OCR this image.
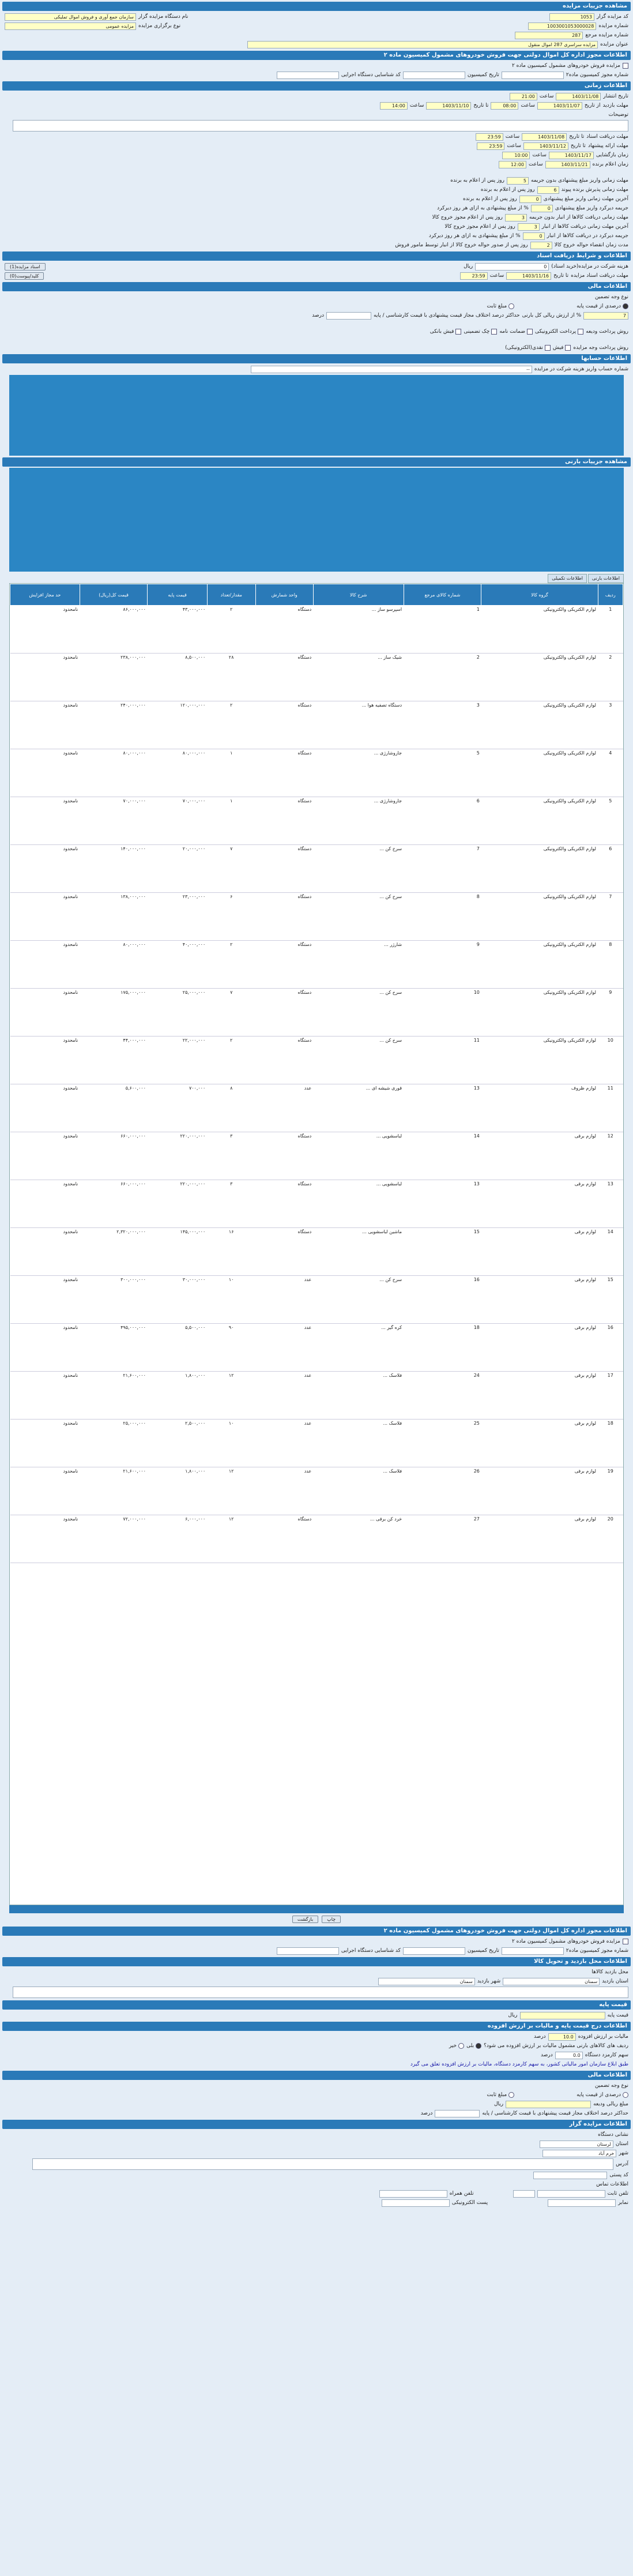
مشاهده جزییات مزایده
کد مزایده گزار
1053
نام دستگاه مزایده گزار
سازمان جمع آوری و فروش اموال تملیکی
شماره مزایده
1003001053000028
نوع برگزاری مزایده
مزایده عمومی
شماره مزایده مرجع
287
عنوان مزایده
مزایده سراسری 287 اموال منقول
اطلاعات مجوز اداره کل اموال دولتی جهت فروش خودروهای مشمول کمیسیون ماده ۲
مزایده فروش خودروهای مشمول کمیسیون ماده ۲
شماره مجوز کمیسیون ماده۲
تاریخ کمیسیون
کد شناسایی دستگاه اجرایی
اطلاعات زمانی
تاریخ انتشار
1403/11/08
ساعت
21:00
مهلت بازدید
از تاریخ
1403/11/07
ساعت
08:00
تا تاریخ
1403/11/10
ساعت
14:00
توضیحات
مهلت دریافت اسناد
تا تاریخ
1403/11/08
ساعت
23:59
مهلت ارائه پیشنهاد
تا تاریخ
1403/11/12
ساعت
23:59
زمان بازگشایی
1403/11/17
ساعت
10:00
زمان اعلام برنده
1403/11/21
ساعت
12:00
مهلت زمانی واریز مبلغ پیشنهادی بدون جریمه
5
روز پس از اعلام به برنده
مهلت زمانی پذیرش برنده پیوند
6
روز پس از اعلام به برنده
آخرین مهلت زمانی واریز مبلغ پیشنهادی
0
روز پس از اعلام به برنده
جریمه دیرکرد واریز مبلغ پیشنهادی
0
% از مبلغ پیشنهادی به ازای هر روز دیرکرد
مهلت زمانی دریافت کالاها از انبار بدون جریمه
3
روز پس از اعلام مجوز خروج کالا
آخرین مهلت زمانی دریافت کالاها از انبار
3
روز پس از اعلام مجوز خروج کالا
جریمه دیرکرد در دریافت کالاها از انبار
0
% از مبلغ پیشنهادی به ازای هر روز دیرکرد
مدت زمان انقضاء حواله خروج کالا
2
روز پس از صدور حواله خروج کالا از انبار توسط مامور فروش
اطلاعات و شرایط دریافت اسناد
هزینه شرکت در مزایده(خرید اسناد)
0
ریال
اسناد مزایده(1)
مهلت دریافت اسناد مزایده
تا تاریخ
1403/11/16
ساعت
23:59
کلید/پیوست(0)
اطلاعات مالی
نوع وجه تضمین
درصدی از قیمت پایه
مبلغ ثابت
7
% از ارزش ریالی کل بارنی
حداکثر درصد اختلاف مجاز قیمت پیشنهادی با قیمت کارشناسی / پایه
درصد
روش پرداخت ودیعه
پرداخت الکترونیکی
ضمانت نامه
چک تضمینی
فیش بانکی
روش پرداخت وجه مزایده
فیش
نقدی(الکترونیکی)
اطلاعات حسابها
شماره حساب واریز هزینه شرکت در مزایده
--
مشاهده جزییات بارنی
اطلاعات بارنی
اطلاعات تکمیلی
ردیف	گروه کالا	شماره کالای مرجع	شرح کالا	واحد شمارش	مقدار/تعداد	قیمت پایه	قیمت کل(ریال)	حد مجاز افزایش
1	لوازم الکتریکی والکترونیکی	1	اسپرسو ساز ...	دستگاه	۲	۴۳,۰۰۰,۰۰۰	۸۶,۰۰۰,۰۰۰	نامحدود
2	لوازم الکتریکی والکترونیکی	2	شیک ساز ...	دستگاه	۲۸	۸,۵۰۰,۰۰۰	۲۳۸,۰۰۰,۰۰۰	نامحدود
3	لوازم الکتریکی والکترونیکی	3	دستگاه تصفیه هوا ...	دستگاه	۲	۱۲۰,۰۰۰,۰۰۰	۲۴۰,۰۰۰,۰۰۰	نامحدود
4	لوازم الکتریکی والکترونیکی	5	جاروشارژی ...	دستگاه	۱	۸۰,۰۰۰,۰۰۰	۸۰,۰۰۰,۰۰۰	نامحدود
5	لوازم الکتریکی والکترونیکی	6	جاروشارژی ...	دستگاه	۱	۷۰,۰۰۰,۰۰۰	۷۰,۰۰۰,۰۰۰	نامحدود
6	لوازم الکتریکی والکترونیکی	7	سرخ کن ...	دستگاه	۷	۲۰,۰۰۰,۰۰۰	۱۴۰,۰۰۰,۰۰۰	نامحدود
7	لوازم الکتریکی والکترونیکی	8	سرخ کن ...	دستگاه	۶	۲۳,۰۰۰,۰۰۰	۱۳۸,۰۰۰,۰۰۰	نامحدود
8	لوازم الکتریکی والکترونیکی	9	شارژر ...	دستگاه	۲	۴۰,۰۰۰,۰۰۰	۸۰,۰۰۰,۰۰۰	نامحدود
9	لوازم الکتریکی والکترونیکی	10	سرخ کن ...	دستگاه	۷	۲۵,۰۰۰,۰۰۰	۱۷۵,۰۰۰,۰۰۰	نامحدود
10	لوازم الکتریکی والکترونیکی	11	سرخ کن ...	دستگاه	۲	۲۲,۰۰۰,۰۰۰	۴۴,۰۰۰,۰۰۰	نامحدود
11	لوازم ظروف	13	قوری شیشه ای ...	عدد	۸	۷۰۰,۰۰۰	۵,۶۰۰,۰۰۰	نامحدود
12	لوازم برقی	14	لباسشویی ...	دستگاه	۳	۲۲۰,۰۰۰,۰۰۰	۶۶۰,۰۰۰,۰۰۰	نامحدود
13	لوازم برقی	13	لباسشویی ...	دستگاه	۳	۲۲۰,۰۰۰,۰۰۰	۶۶۰,۰۰۰,۰۰۰	نامحدود
14	لوازم برقی	15	ماشین لباسشویی ...	دستگاه	۱۶	۱۴۵,۰۰۰,۰۰۰	۲,۳۲۰,۰۰۰,۰۰۰	نامحدود
15	لوازم برقی	16	سرخ کن ...	عدد	۱۰	۳۰,۰۰۰,۰۰۰	۳۰۰,۰۰۰,۰۰۰	نامحدود
16	لوازم برقی	18	کره گیر ...	عدد	۹۰	۵,۵۰۰,۰۰۰	۴۹۵,۰۰۰,۰۰۰	نامحدود
17	لوازم برقی	24	فلاسک ...	عدد	۱۲	۱,۸۰۰,۰۰۰	۲۱,۶۰۰,۰۰۰	نامحدود
18	لوازم برقی	25	فلاسک ...	عدد	۱۰	۲,۵۰۰,۰۰۰	۲۵,۰۰۰,۰۰۰	نامحدود
19	لوازم برقی	26	فلاسک ...	عدد	۱۲	۱,۸۰۰,۰۰۰	۲۱,۶۰۰,۰۰۰	نامحدود
20	لوازم برقی	27	خرد کن برقی ...	دستگاه	۱۲	۶,۰۰۰,۰۰۰	۷۲,۰۰۰,۰۰۰	نامحدود
چاپ
بازگشت
اطلاعات مجوز اداره کل اموال دولتی جهت فروش خودروهای مشمول کمیسیون ماده ۲
مزایده فروش خودروهای مشمول کمیسیون ماده ۲
شماره مجوز کمیسیون ماده۲
تاریخ کمیسیون
کد شناسایی دستگاه اجرایی
اطلاعات محل بازدید و تحویل کالا
محل بازدید کالاها
استان بازدید
سمنان
شهر بازدید
سمنان
قیمت پایه
قیمت پایه
ریال
اطلاعات درج قیمت پایه و مالیات بر ارزش افزوده
مالیات بر ارزش افزوده
10.0
درصد
ردیف های کالاهای بارنی مشمول مالیات بر ارزش افزوده می شود؟
بلی
خیر
سهم کارمزد دستگاه
0.0
درصد
طبق ابلاغ سازمان امور مالیاتی کشور، به سهم کارمزد دستگاه، مالیات بر ارزش افزوده تعلق می گیرد
اطلاعات مالی
نوع وجه تضمین
درصدی از قیمت پایه
مبلغ ثابت
مبلغ ریالی ودیعه
ریال
حداکثر درصد اختلاف مجاز قیمت پیشنهادی با قیمت کارشناسی / پایه
درصد
اطلاعات مزایده گزار
نشانی دستگاه
استان
لرستان
شهر
خرم آباد
آدرس
کد پستی
اطلاعات تماس
تلفن ثابت
تلفن همراه
نمابر
پست الکترونیکی
